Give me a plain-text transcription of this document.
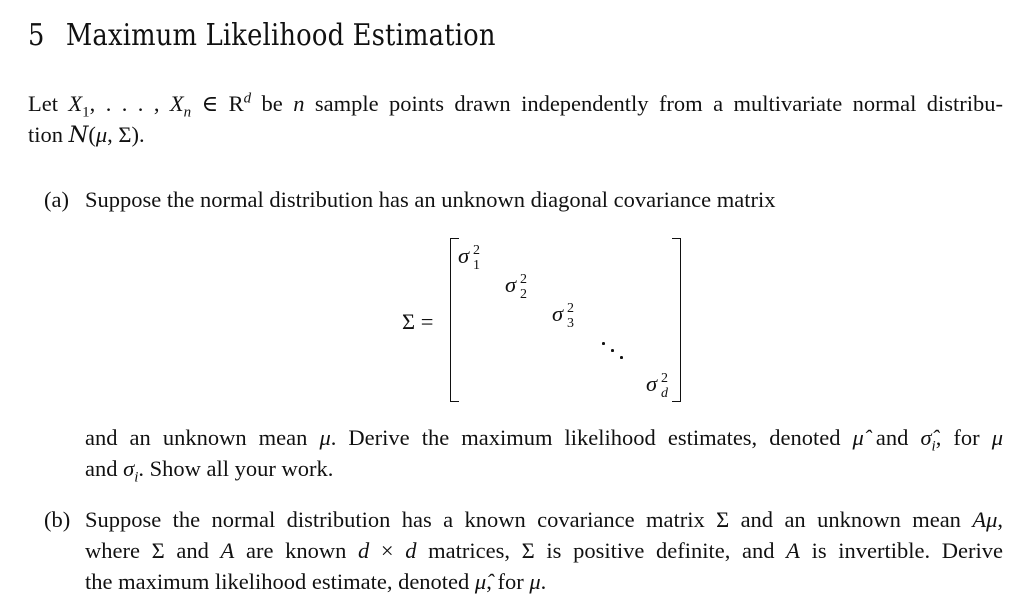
5 Maximum Likelihood Estimation
Let $X_1$, . . . , $X_n$ ∈ $R^d$ be n sample points drawn independently from a multivariate normal distribu-
tion N(μ, Σ).
(a) Suppose the normal distribution has an unknown diagonal covariance matrix
Σ =
σ 2
1
σ 2
2
σ 2
3
σ 2
d
and an unknown mean μ. Derive the maximum likelihood estimates, denoted μ̂ and $\sigmâ_i$, for μ
and $\sigma_i$. Show all your work.
(b) Suppose the normal distribution has a known covariance matrix Σ and an unknown mean Aμ,
where Σ and A are known d × d matrices, Σ is positive definite, and A is invertible. Derive
the maximum likelihood estimate, denoted μ̂, for μ.
